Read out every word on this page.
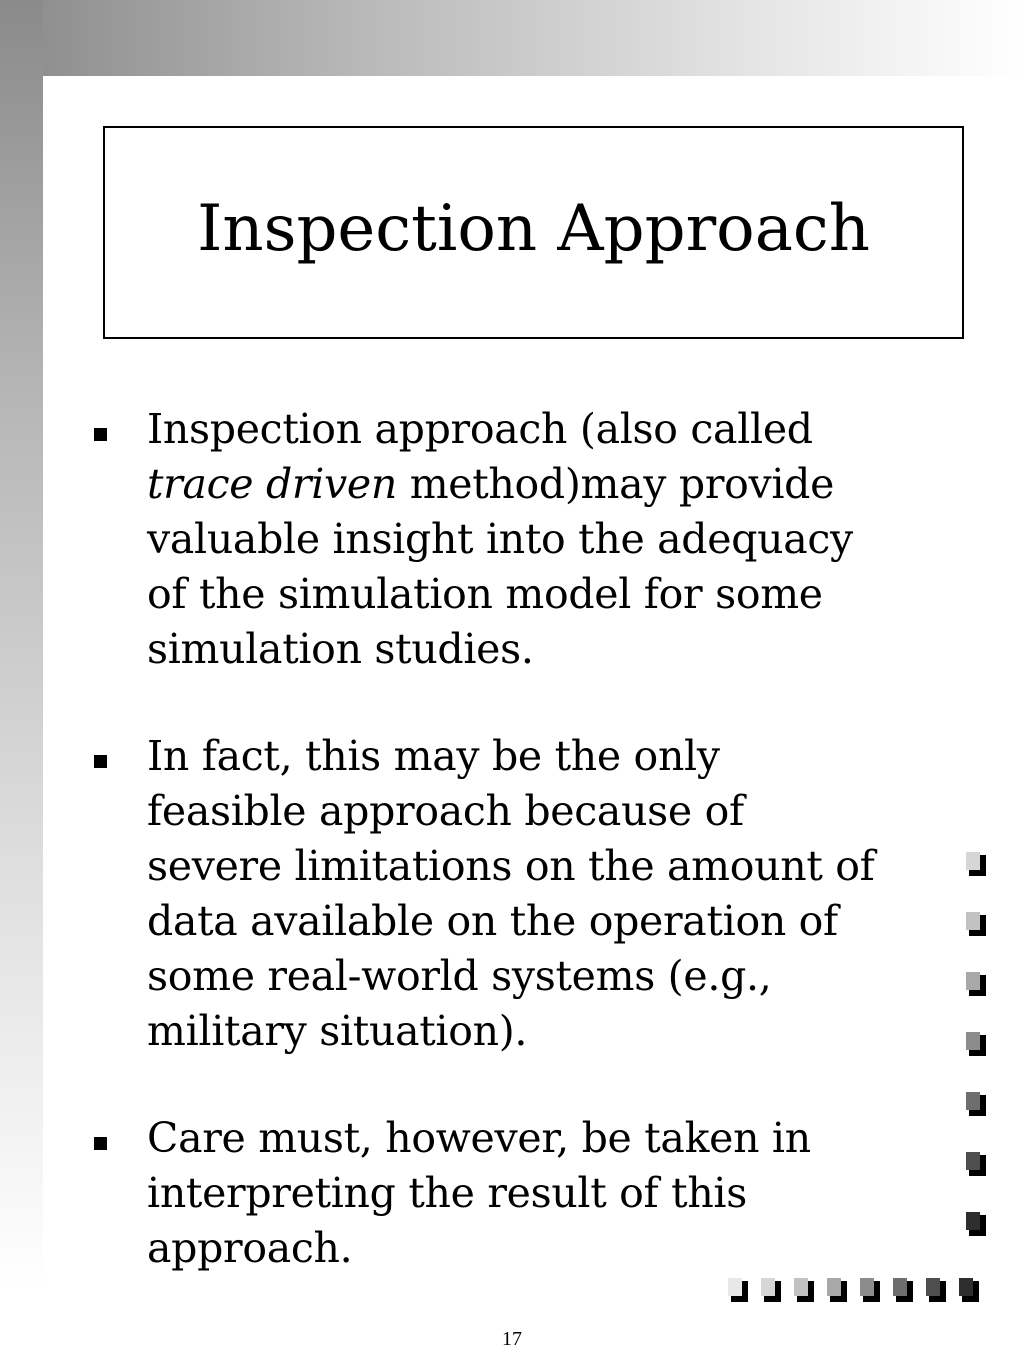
Inspection Approach
Inspection approach (also called
trace driven method)may provide
valuable insight into the adequacy
of the simulation model for some
simulation studies.
In fact, this may be the only
feasible approach because of
severe limitations on the amount of
data available on the operation of
some real-world systems (e.g.,
military situation).
Care must, however, be taken in
interpreting the result of this
approach.
17
